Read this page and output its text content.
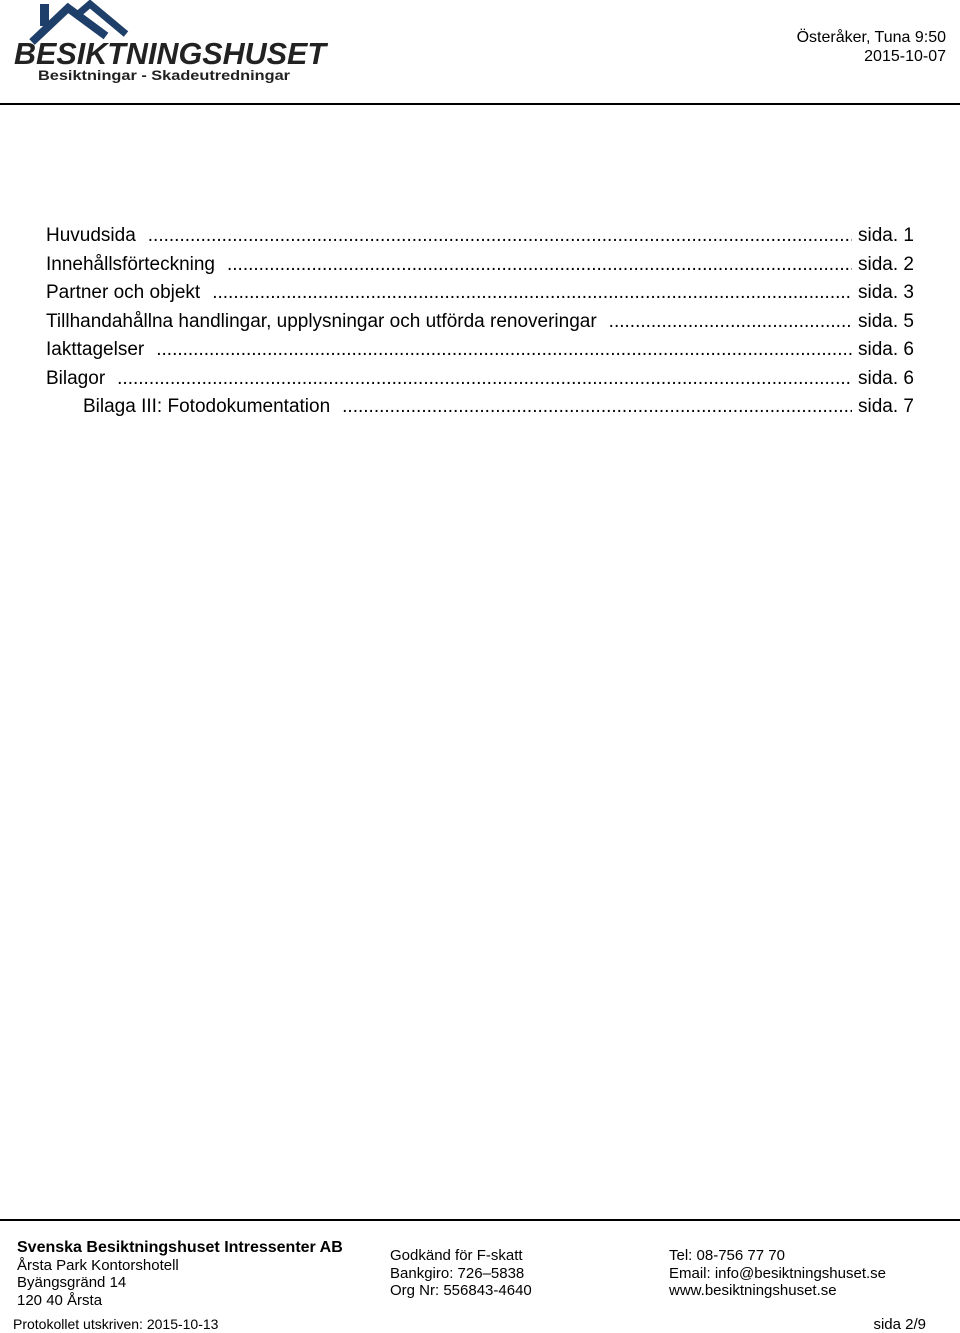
BESIKTNINGSHUSET
Besiktningar - Skadeutredningar
Österåker, Tuna 9:50
2015-10-07
Huvudsida .....	sida. 1
Innehållsförteckning .....	sida. 2
Partner och objekt .....	sida. 3
Tillhandahållna handlingar, upplysningar och utförda renoveringar .....	sida. 5
Iakttagelser .....	sida. 6
Bilagor .....	sida. 6
Bilaga III: Fotodokumentation .....	sida. 7
Svenska Besiktningshuset Intressenter AB
Årsta Park Kontorshotell
Byängsgränd 14
120 40 Årsta
Godkänd för F-skatt
Bankgiro: 726–5838
Org Nr: 556843-4640
Tel: 08-756 77 70
Email: info@besiktningshuset.se
www.besiktningshuset.se
Protokollet utskriven: 2015-10-13	sida 2/9
